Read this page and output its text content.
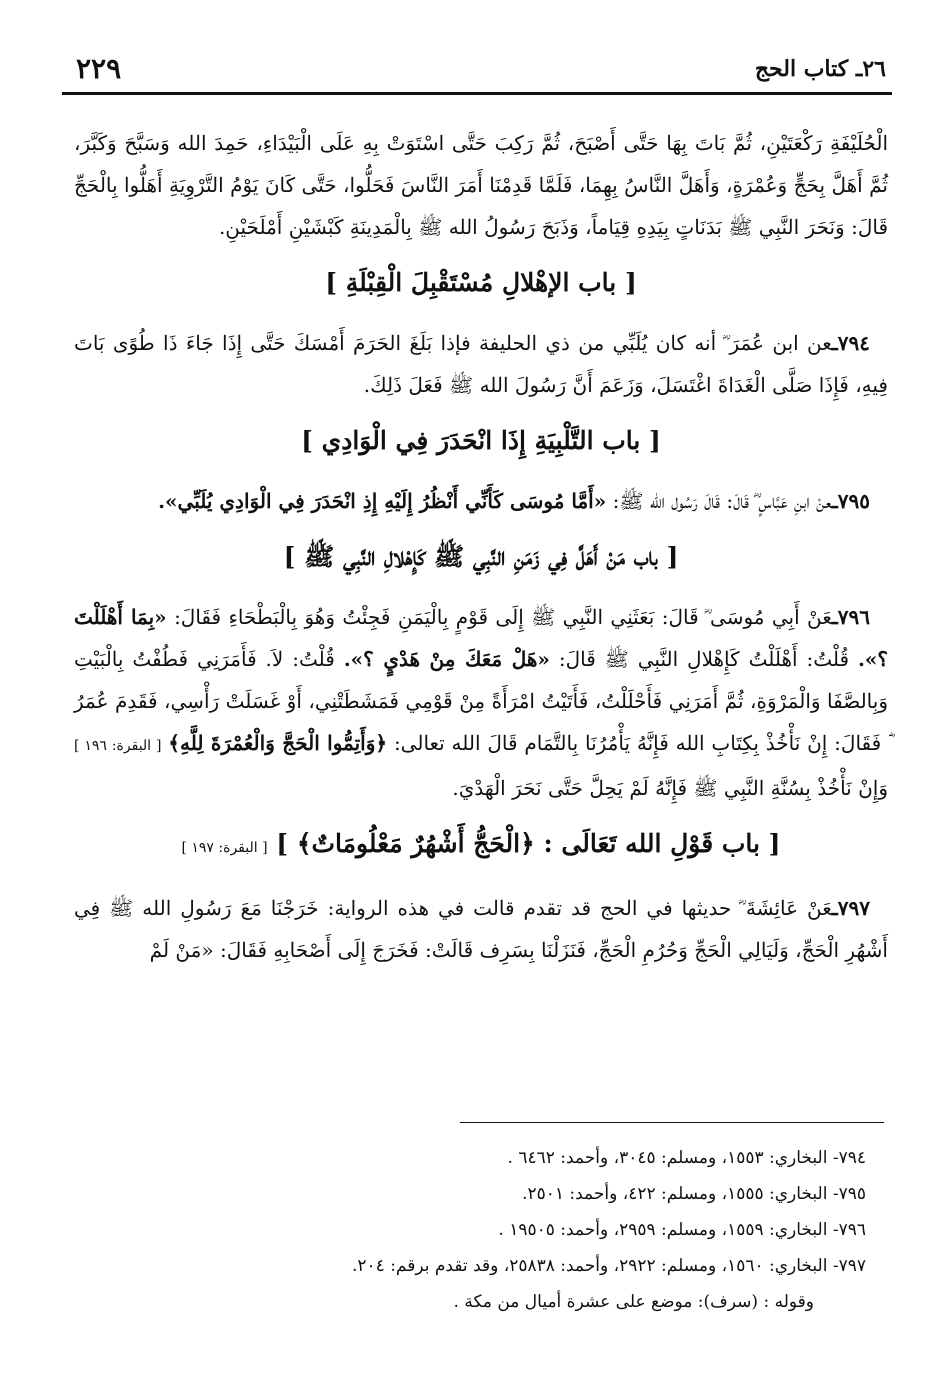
٢٦ـ كتاب الحج
٢٢٩

الْحُلَيْفَةِ رَكْعَتَيْنِ، ثُمَّ بَاتَ بِهَا حَتَّى أَصْبَحَ، ثُمَّ رَكِبَ حَتَّى اسْتَوَتْ بِهِ عَلَى الْبَيْدَاءِ، حَمِدَ الله وَسَبَّحَ وَكَبَّرَ، ثُمَّ أَهَلَّ بِحَجٍّ وَعُمْرَةٍ، وَأَهَلَّ النَّاسُ بِهِمَا، فَلَمَّا قَدِمْنَا أَمَرَ النَّاسَ فَحَلُّوا، حَتَّى كَانَ يَوْمُ التَّرْوِيَةِ أَهَلُّوا بِالْحَجِّ قَالَ: وَنَحَرَ النَّبِي ﷺ بَدَنَاتٍ بِيَدِهِ قِيَاماً، وَذَبَحَ رَسُولُ الله ﷺ بِالْمَدِينَةِ كَبْشَيْنِ أَمْلَحَيْنِ.

[ باب الإهْلالِ مُسْتَقْبِلَ الْقِبْلَةِ ]

٧٩٤ـعن ابن عُمَرَ ؓ أنه كان يُلَبِّي من ذي الحليفة فإذا بَلَغَ الحَرَمَ أَمْسَكَ حَتَّى إِذَا جَاءَ ذَا طُوًى بَاتَ فِيهِ، فَإِذَا صَلَّى الْغَدَاةَ اغْتَسَلَ، وَزَعَمَ أَنَّ رَسُولَ الله ﷺ فَعَلَ ذَلِكَ.

[ باب التَّلْبِيَةِ إِذَا انْحَدَرَ فِي الْوَادِي ]

٧٩٥ـعنْ ابنِ عَبَّاسٍ ؓ قَالَ: قَالَ رَسُول الله ﷺ: «أَمَّا مُوسَى كَأَنِّي أَنْظُرُ إِلَيْهِ إِذِ انْحَدَرَ فِي الْوَادِي يُلَبِّي».

[ باب مَنْ أَهَلَّ فِي زَمَنِ النَّبِي ﷺ كَإِهْلالِ النَّبِي ﷺ ]

٧٩٦ـعَنْ أَبِي مُوسَى ؓ قَالَ: بَعَثَنِي النَّبِي ﷺ إِلَى قَوْمٍ بِالْيَمَنِ فَجِئْتُ وَهُوَ بِالْبَطْحَاءِ فَقَالَ: «بِمَا أَهْلَلْتَ ؟». قُلْتُ: أَهْلَلْتُ كَإِهْلالِ النَّبِي ﷺ قَالَ: «هَلْ مَعَكَ مِنْ هَدْيٍ ؟». قُلْتُ: لاَ. فَأَمَرَنِي فَطُفْتُ بِالْبَيْتِ وَبِالصَّفَا وَالْمَرْوَةِ، ثُمَّ أَمَرَنِي فَأَحْلَلْتُ، فَأَتَيْتُ امْرَأَةً مِنْ قَوْمِي فَمَشَطَتْنِي، أَوْ غَسَلَتْ رَأْسِي، فَقَدِمَ عُمَرُ ؓ فَقَالَ: إِنْ نَأْخُذْ بِكِتَابِ الله فَإِنَّهُ يَأْمُرُنَا بِالتَّمَام قَالَ الله تعالى: ﴿وَأَتِمُّوا الْحَجَّ وَالْعُمْرَةَ لِلَّهِ﴾ [ البقرة: ١٩٦ ] وَإِنْ نَأْخُذْ بِسُنَّةِ النَّبِي ﷺ فَإِنَّهُ لَمْ يَحِلَّ حَتَّى نَحَرَ الْهَدْيَ.

[ باب قَوْلِ الله تَعَالَى : ﴿الْحَجُّ أَشْهُرٌ مَعْلُومَاتٌ﴾ ] [ البقرة: ١٩٧ ]

٧٩٧ـعَنْ عَائِشَةَ ؓ حديثها في الحج قد تقدم قالت في هذه الرواية: خَرَجْنَا مَعَ رَسُولِ الله ﷺ فِي أَشْهُرِ الْحَجِّ، وَلَيَالِي الْحَجِّ وَحُرُمِ الْحَجِّ، فَنَزَلْنَا بِسَرِف قَالَتْ: فَخَرَجَ إِلَى أَصْحَابِهِ فَقَالَ: «مَنْ لَمْ

٧٩٤- البخاري: ١٥٥٣، ومسلم: ٣٠٤٥، وأحمد: ٦٤٦٢ .

٧٩٥- البخاري: ١٥٥٥، ومسلم: ٤٢٢، وأحمد: ٢٥٠١.

٧٩٦- البخاري: ١٥٥٩، ومسلم: ٢٩٥٩، وأحمد: ١٩٥٠٥ .

٧٩٧- البخاري: ١٥٦٠، ومسلم: ٢٩٢٢، وأحمد: ٢٥٨٣٨، وقد تقدم برقم: ٢٠٤.

وقوله : (سرف): موضع على عشرة أميال من مكة .
